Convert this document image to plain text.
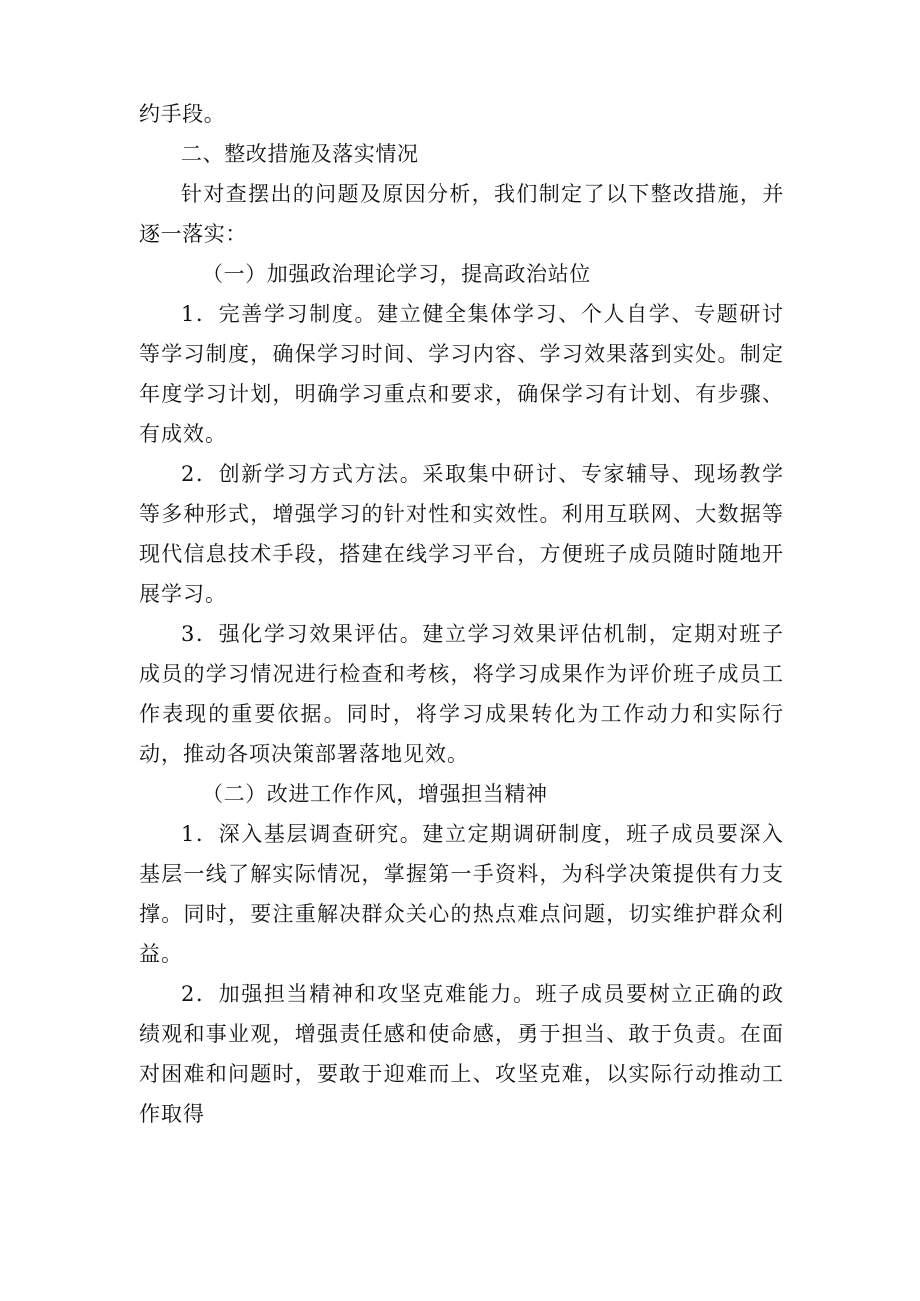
约手段。

二、整改措施及落实情况

针对查摆出的问题及原因分析，我们制定了以下整改措施，并逐一落实：

（一）加强政治理论学习，提高政治站位

1．完善学习制度。建立健全集体学习、个人自学、专题研讨等学习制度，确保学习时间、学习内容、学习效果落到实处。制定年度学习计划，明确学习重点和要求，确保学习有计划、有步骤、有成效。

2．创新学习方式方法。采取集中研讨、专家辅导、现场教学等多种形式，增强学习的针对性和实效性。利用互联网、大数据等现代信息技术手段，搭建在线学习平台，方便班子成员随时随地开展学习。

3．强化学习效果评估。建立学习效果评估机制，定期对班子成员的学习情况进行检查和考核，将学习成果作为评价班子成员工作表现的重要依据。同时，将学习成果转化为工作动力和实际行动，推动各项决策部署落地见效。

（二）改进工作作风，增强担当精神

1．深入基层调查研究。建立定期调研制度，班子成员要深入基层一线了解实际情况，掌握第一手资料，为科学决策提供有力支撑。同时，要注重解决群众关心的热点难点问题，切实维护群众利益。

2．加强担当精神和攻坚克难能力。班子成员要树立正确的政绩观和事业观，增强责任感和使命感，勇于担当、敢于负责。在面对困难和问题时，要敢于迎难而上、攻坚克难，以实际行动推动工作取得
